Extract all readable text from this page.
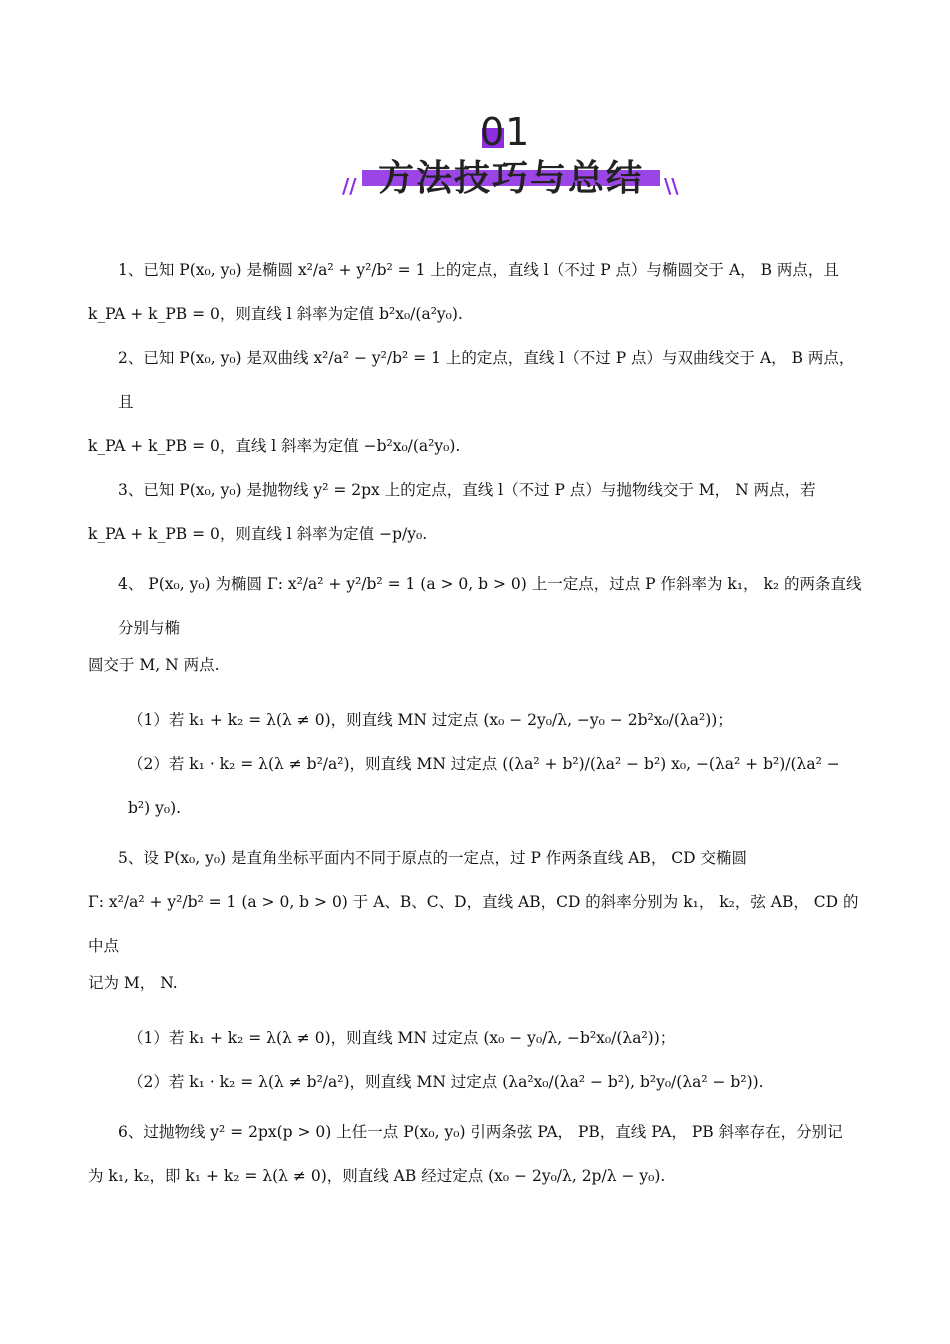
01
方法技巧与总结
//	\\
1、已知 P(x₀, y₀) 是椭圆 x²/a² + y²/b² = 1 上的定点，直线 l（不过 P 点）与椭圆交于 A， B 两点，且
k_PA + k_PB = 0，则直线 l 斜率为定值 b²x₀/(a²y₀).
2、已知 P(x₀, y₀) 是双曲线 x²/a² − y²/b² = 1 上的定点，直线 l（不过 P 点）与双曲线交于 A， B 两点，且
k_PA + k_PB = 0，直线 l 斜率为定值 −b²x₀/(a²y₀).
3、已知 P(x₀, y₀) 是抛物线 y² = 2px 上的定点，直线 l（不过 P 点）与抛物线交于 M， N 两点，若
k_PA + k_PB = 0，则直线 l 斜率为定值 −p/y₀.
4、 P(x₀, y₀) 为椭圆 Γ: x²/a² + y²/b² = 1 (a > 0, b > 0) 上一定点，过点 P 作斜率为 k₁， k₂ 的两条直线分别与椭
圆交于 M, N 两点.
（1）若 k₁ + k₂ = λ(λ ≠ 0)，则直线 MN 过定点 (x₀ − 2y₀/λ, −y₀ − 2b²x₀/(λa²))；
（2）若 k₁ · k₂ = λ(λ ≠ b²/a²)，则直线 MN 过定点 ((λa² + b²)/(λa² − b²) x₀, −(λa² + b²)/(λa² − b²) y₀).
5、设 P(x₀, y₀) 是直角坐标平面内不同于原点的一定点，过 P 作两条直线 AB， CD 交椭圆
Γ: x²/a² + y²/b² = 1 (a > 0, b > 0) 于 A、B、C、D，直线 AB，CD 的斜率分别为 k₁， k₂，弦 AB， CD 的中点
记为 M， N.
（1）若 k₁ + k₂ = λ(λ ≠ 0)，则直线 MN 过定点 (x₀ − y₀/λ, −b²x₀/(λa²))；
（2）若 k₁ · k₂ = λ(λ ≠ b²/a²)，则直线 MN 过定点 (λa²x₀/(λa² − b²), b²y₀/(λa² − b²)).
6、过抛物线 y² = 2px(p > 0) 上任一点 P(x₀, y₀) 引两条弦 PA， PB，直线 PA， PB 斜率存在，分别记
为 k₁, k₂，即 k₁ + k₂ = λ(λ ≠ 0)，则直线 AB 经过定点 (x₀ − 2y₀/λ, 2p/λ − y₀).
